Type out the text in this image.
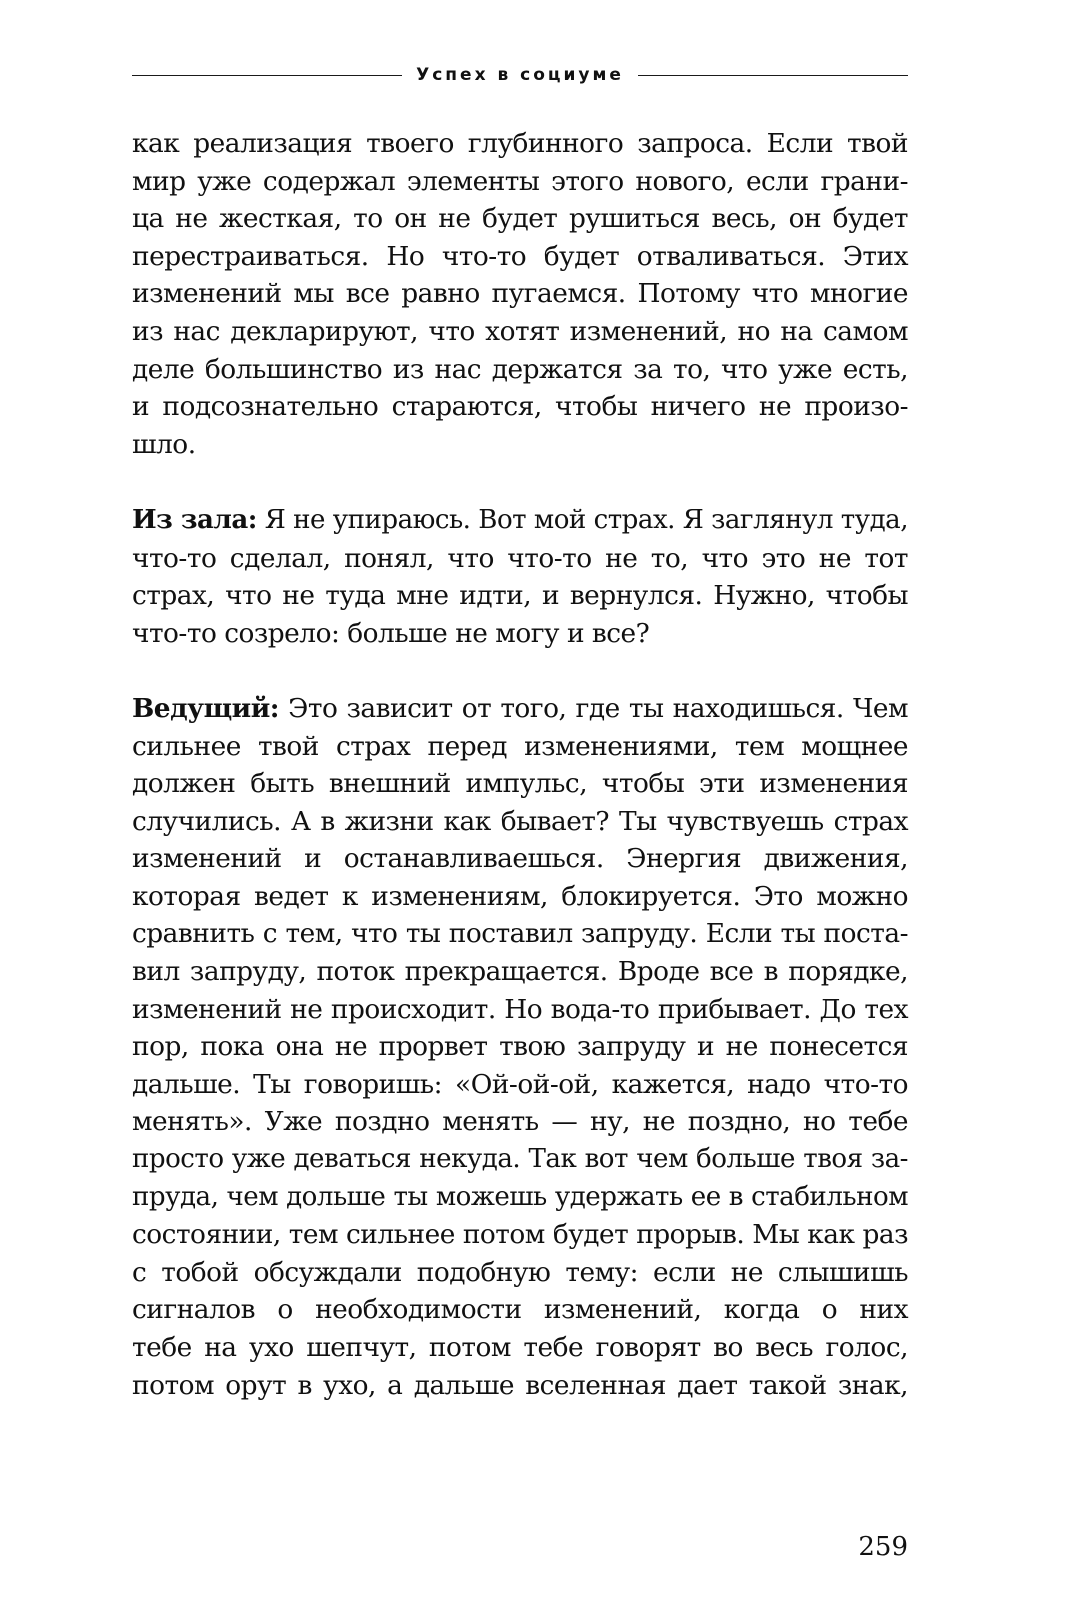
Успех в социуме
как реализация твоего глубинного запроса. Если твой
мир уже содержал элементы этого нового, если грани-
ца не жесткая, то он не будет рушиться весь, он будет
перестраиваться. Но что-то будет отваливаться. Этих
изменений мы все равно пугаемся. Потому что многие
из нас декларируют, что хотят изменений, но на самом
деле большинство из нас держатся за то, что уже есть,
и подсознательно стараются, чтобы ничего не произо-
шло.
Из зала: Я не упираюсь. Вот мой страх. Я заглянул туда,
что-то сделал, понял, что что-то не то, что это не тот
страх, что не туда мне идти, и вернулся. Нужно, чтобы
что-то созрело: больше не могу и все?
Ведущий: Это зависит от того, где ты находишься. Чем
сильнее твой страх перед изменениями, тем мощнее
должен быть внешний импульс, чтобы эти изменения
случились. А в жизни как бывает? Ты чувствуешь страх
изменений и останавливаешься. Энергия движения,
которая ведет к изменениям, блокируется. Это можно
сравнить с тем, что ты поставил запруду. Если ты поста-
вил запруду, поток прекращается. Вроде все в порядке,
изменений не происходит. Но вода-то прибывает. До тех
пор, пока она не прорвет твою запруду и не понесется
дальше. Ты говоришь: «Ой-ой-ой, кажется, надо что-то
менять». Уже поздно менять — ну, не поздно, но тебе
просто уже деваться некуда. Так вот чем больше твоя за-
пруда, чем дольше ты можешь удержать ее в стабильном
состоянии, тем сильнее потом будет прорыв. Мы как раз
с тобой обсуждали подобную тему: если не слышишь
сигналов о необходимости изменений, когда о них
тебе на ухо шепчут, потом тебе говорят во весь голос,
потом орут в ухо, а дальше вселенная дает такой знак,
259
